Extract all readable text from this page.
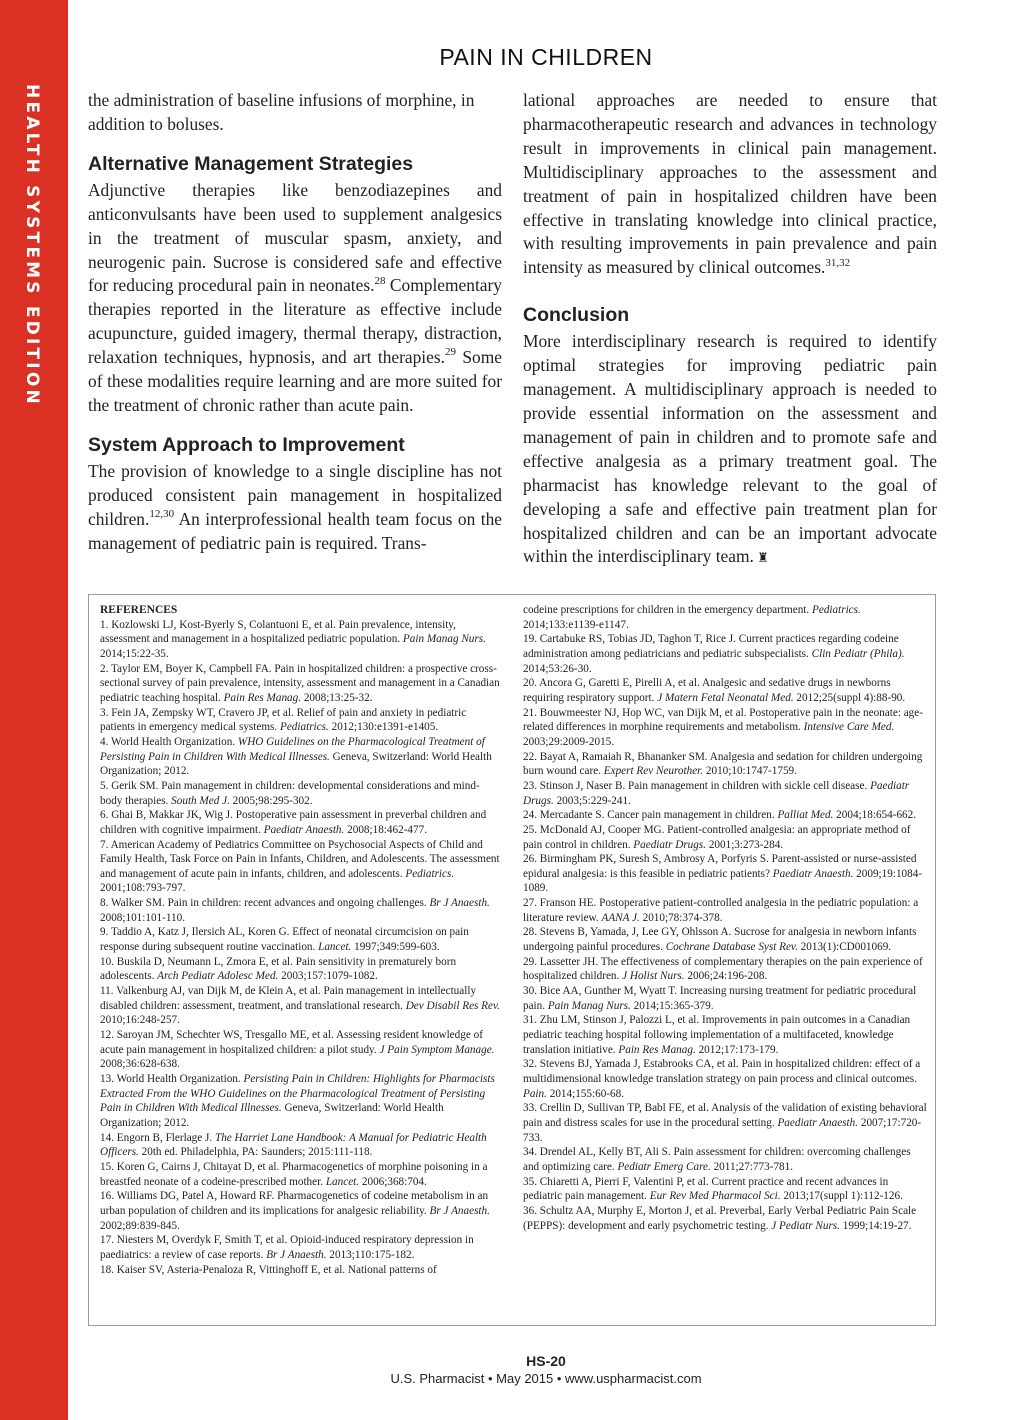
HEALTH SYSTEMS EDITION
PAIN IN CHILDREN

the administration of baseline infusions of morphine, in addition to boluses.

Alternative Management Strategies

Adjunctive therapies like benzodiazepines and anticonvulsants have been used to supplement analgesics in the treatment of muscular spasm, anxiety, and neurogenic pain. Sucrose is considered safe and effective for reducing procedural pain in neonates.$^{28}$ Complementary therapies reported in the literature as effective include acupuncture, guided imagery, thermal therapy, distraction, relaxation techniques, hypnosis, and art therapies.$^{29}$ Some of these modalities require learning and are more suited for the treatment of chronic rather than acute pain.

System Approach to Improvement

The provision of knowledge to a single discipline has not produced consistent pain management in hospitalized children.$^{12,30}$ An interprofessional health team focus on the management of pediatric pain is required. Trans-

lational approaches are needed to ensure that pharmacotherapeutic research and advances in technology result in improvements in clinical pain management. Multidisciplinary approaches to the assessment and treatment of pain in hospitalized children have been effective in translating knowledge into clinical practice, with resulting improvements in pain prevalence and pain intensity as measured by clinical outcomes.$^{31,32}$

Conclusion

More interdisciplinary research is required to identify optimal strategies for improving pediatric pain management. A multidisciplinary approach is needed to provide essential information on the assessment and management of pain in children and to promote safe and effective analgesia as a primary treatment goal. The pharmacist has knowledge relevant to the goal of developing a safe and effective pain treatment plan for hospitalized children and can be an important advocate within the interdisciplinary team. ♜

REFERENCES

1. Kozlowski LJ, Kost-Byerly S, Colantuoni E, et al. Pain prevalence, intensity, assessment and management in a hospitalized pediatric population. Pain Manag Nurs. 2014;15:22-35.

2. Taylor EM, Boyer K, Campbell FA. Pain in hospitalized children: a prospective cross-sectional survey of pain prevalence, intensity, assessment and management in a Canadian pediatric teaching hospital. Pain Res Manag. 2008;13:25-32.

3. Fein JA, Zempsky WT, Cravero JP, et al. Relief of pain and anxiety in pediatric patients in emergency medical systems. Pediatrics. 2012;130:e1391-e1405.

4. World Health Organization. WHO Guidelines on the Pharmacological Treatment of Persisting Pain in Children With Medical Illnesses. Geneva, Switzerland: World Health Organization; 2012.

5. Gerik SM. Pain management in children: developmental considerations and mind-body therapies. South Med J. 2005;98:295-302.

6. Ghai B, Makkar JK, Wig J. Postoperative pain assessment in preverbal children and children with cognitive impairment. Paediatr Anaesth. 2008;18:462-477.

7. American Academy of Pediatrics Committee on Psychosocial Aspects of Child and Family Health, Task Force on Pain in Infants, Children, and Adolescents. The assessment and management of acute pain in infants, children, and adolescents. Pediatrics. 2001;108:793-797.

8. Walker SM. Pain in children: recent advances and ongoing challenges. Br J Anaesth. 2008;101:101-110.

9. Taddio A, Katz J, Ilersich AL, Koren G. Effect of neonatal circumcision on pain response during subsequent routine vaccination. Lancet. 1997;349:599-603.

10. Buskila D, Neumann L, Zmora E, et al. Pain sensitivity in prematurely born adolescents. Arch Pediatr Adolesc Med. 2003;157:1079-1082.

11. Valkenburg AJ, van Dijk M, de Klein A, et al. Pain management in intellectually disabled children: assessment, treatment, and translational research. Dev Disabil Res Rev. 2010;16:248-257.

12. Saroyan JM, Schechter WS, Tresgallo ME, et al. Assessing resident knowledge of acute pain management in hospitalized children: a pilot study. J Pain Symptom Manage. 2008;36:628-638.

13. World Health Organization. Persisting Pain in Children: Highlights for Pharmacists Extracted From the WHO Guidelines on the Pharmacological Treatment of Persisting Pain in Children With Medical Illnesses. Geneva, Switzerland: World Health Organization; 2012.

14. Engorn B, Flerlage J. The Harriet Lane Handbook: A Manual for Pediatric Health Officers. 20th ed. Philadelphia, PA: Saunders; 2015:111-118.

15. Koren G, Cairns J, Chitayat D, et al. Pharmacogenetics of morphine poisoning in a breastfed neonate of a codeine-prescribed mother. Lancet. 2006;368:704.

16. Williams DG, Patel A, Howard RF. Pharmacogenetics of codeine metabolism in an urban population of children and its implications for analgesic reliability. Br J Anaesth. 2002;89:839-845.

17. Niesters M, Overdyk F, Smith T, et al. Opioid-induced respiratory depression in paediatrics: a review of case reports. Br J Anaesth. 2013;110:175-182.

18. Kaiser SV, Asteria-Penaloza R, Vittinghoff E, et al. National patterns of

codeine prescriptions for children in the emergency department. Pediatrics. 2014;133:e1139-e1147.

19. Cartabuke RS, Tobias JD, Taghon T, Rice J. Current practices regarding codeine administration among pediatricians and pediatric subspecialists. Clin Pediatr (Phila). 2014;53:26-30.

20. Ancora G, Garetti E, Pirelli A, et al. Analgesic and sedative drugs in newborns requiring respiratory support. J Matern Fetal Neonatal Med. 2012;25(suppl 4):88-90.

21. Bouwmeester NJ, Hop WC, van Dijk M, et al. Postoperative pain in the neonate: age-related differences in morphine requirements and metabolism. Intensive Care Med. 2003;29:2009-2015.

22. Bayat A, Ramaiah R, Bhananker SM. Analgesia and sedation for children undergoing burn wound care. Expert Rev Neurother. 2010;10:1747-1759.

23. Stinson J, Naser B. Pain management in children with sickle cell disease. Paediatr Drugs. 2003;5:229-241.

24. Mercadante S. Cancer pain management in children. Palliat Med. 2004;18:654-662.

25. McDonald AJ, Cooper MG. Patient-controlled analgesia: an appropriate method of pain control in children. Paediatr Drugs. 2001;3:273-284.

26. Birmingham PK, Suresh S, Ambrosy A, Porfyris S. Parent-assisted or nurse-assisted epidural analgesia: is this feasible in pediatric patients? Paediatr Anaesth. 2009;19:1084-1089.

27. Franson HE. Postoperative patient-controlled analgesia in the pediatric population: a literature review. AANA J. 2010;78:374-378.

28. Stevens B, Yamada, J, Lee GY, Ohlsson A. Sucrose for analgesia in newborn infants undergoing painful procedures. Cochrane Database Syst Rev. 2013(1):CD001069.

29. Lassetter JH. The effectiveness of complementary therapies on the pain experience of hospitalized children. J Holist Nurs. 2006;24:196-208.

30. Bice AA, Gunther M, Wyatt T. Increasing nursing treatment for pediatric procedural pain. Pain Manag Nurs. 2014;15:365-379.

31. Zhu LM, Stinson J, Palozzi L, et al. Improvements in pain outcomes in a Canadian pediatric teaching hospital following implementation of a multifaceted, knowledge translation initiative. Pain Res Manag. 2012;17:173-179.

32. Stevens BJ, Yamada J, Estabrooks CA, et al. Pain in hospitalized children: effect of a multidimensional knowledge translation strategy on pain process and clinical outcomes. Pain. 2014;155:60-68.

33. Crellin D, Sullivan TP, Babl FE, et al. Analysis of the validation of existing behavioral pain and distress scales for use in the procedural setting. Paediatr Anaesth. 2007;17:720-733.

34. Drendel AL, Kelly BT, Ali S. Pain assessment for children: overcoming challenges and optimizing care. Pediatr Emerg Care. 2011;27:773-781.

35. Chiaretti A, Pierri F, Valentini P, et al. Current practice and recent advances in pediatric pain management. Eur Rev Med Pharmacol Sci. 2013;17(suppl 1):112-126.

36. Schultz AA, Murphy E, Morton J, et al. Preverbal, Early Verbal Pediatric Pain Scale (PEPPS): development and early psychometric testing. J Pediatr Nurs. 1999;14:19-27.

HS-20
U.S. Pharmacist • May 2015 • www.uspharmacist.com
